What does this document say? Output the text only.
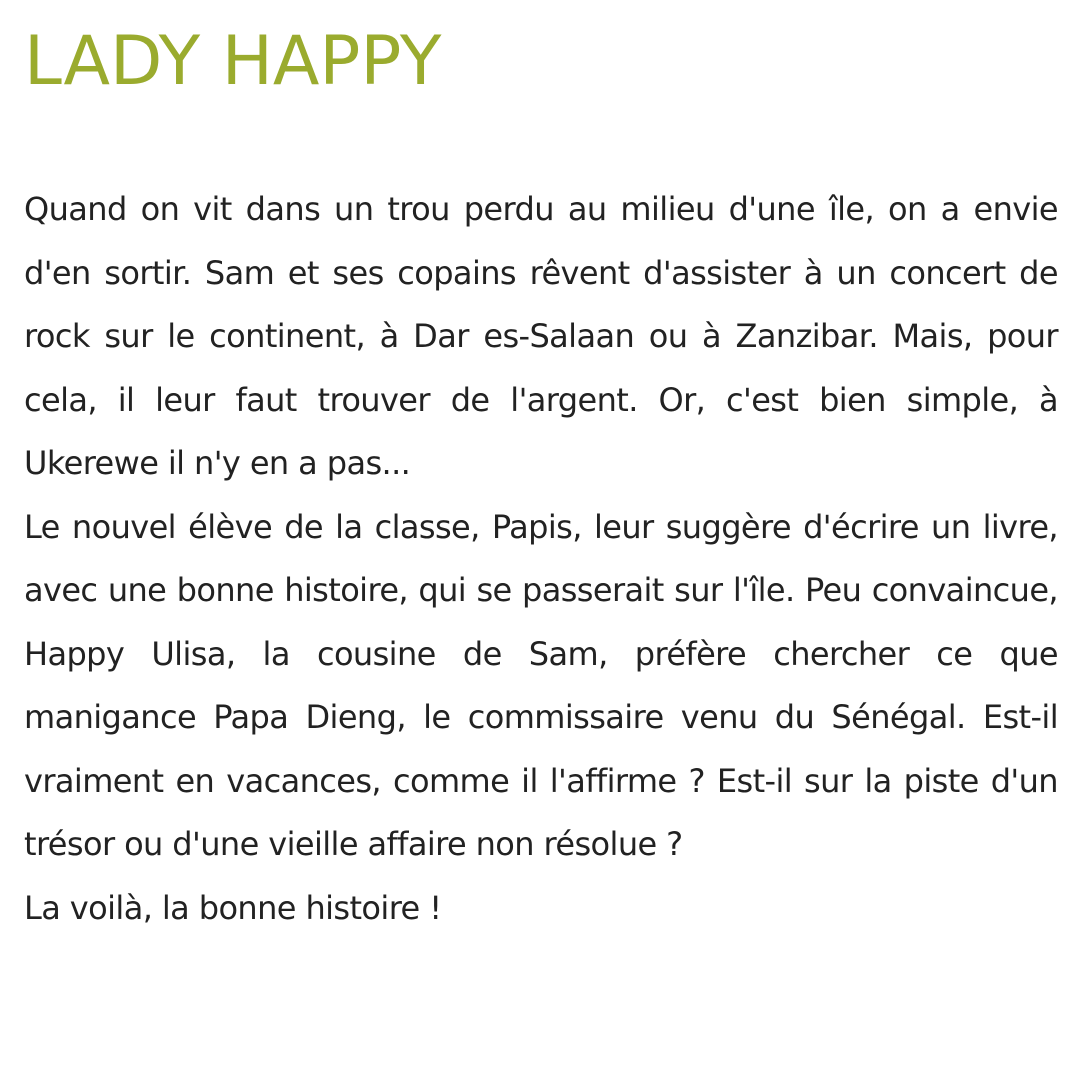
LADY HAPPY

Quand on vit dans un trou perdu au milieu d'une île, on a envie d'en sortir. Sam et ses copains rêvent d'assister à un concert de rock sur le continent, à Dar es-Salaan ou à Zanzibar. Mais, pour cela, il leur faut trouver de l'argent. Or, c'est bien simple, à Ukerewe il n'y en a pas...

Le nouvel élève de la classe, Papis, leur suggère d'écrire un livre, avec une bonne histoire, qui se passerait sur l'île. Peu convaincue, Happy Ulisa, la cousine de Sam, préfère chercher ce que manigance Papa Dieng, le commissaire venu du Sénégal. Est-il vraiment en vacances, comme il l'affirme ? Est-il sur la piste d'un trésor ou d'une vieille affaire non résolue ?

La voilà, la bonne histoire !
